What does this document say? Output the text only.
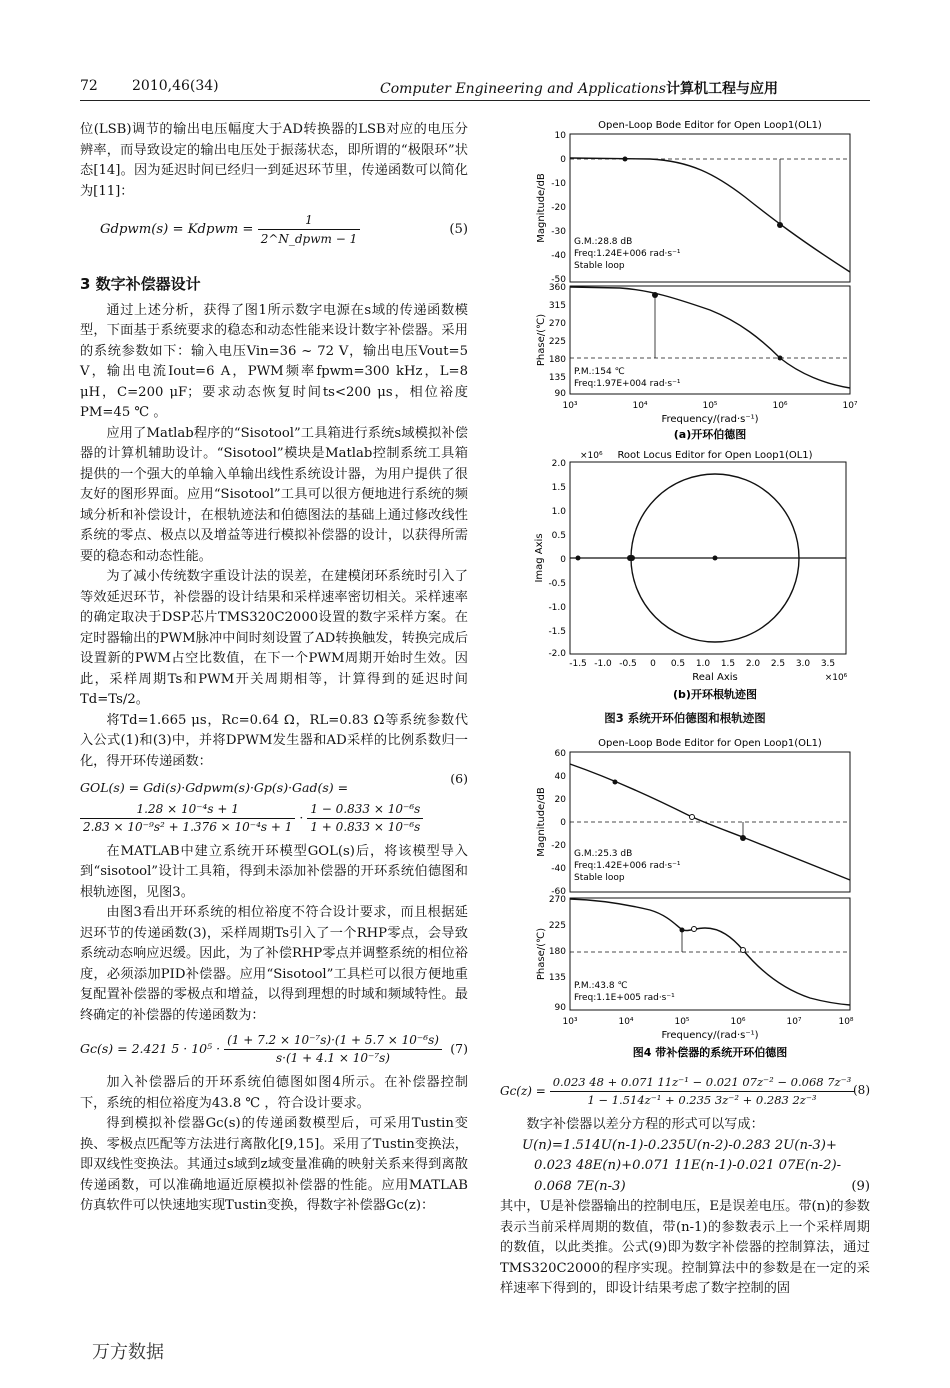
72 2010,46(34)	Computer Engineering and Applications计算机工程与应用

位(LSB)调节的输出电压幅度大于AD转换器的LSB对应的电压分辨率，而导致设定的输出电压处于振荡状态，即所谓的“极限环”状态[14]。因为延迟时间已经归一到延迟环节里，传递函数可以简化为[11]：

Gdpwm(s) = Kdpwm = $\frac{1}{\text{2\textasciicircum{}N\_dpwm − 1}}$	(5)

3 数字补偿器设计

通过上述分析，获得了图1所示数字电源在s域的传递函数模型，下面基于系统要求的稳态和动态性能来设计数字补偿器。采用的系统参数如下：输入电压Vin=36 ~ 72 V，输出电压Vout=5 V，输出电流Iout=6 A，PWM频率fpwm=300 kHz，L=8 μH，C=200 μF；要求动态恢复时间ts<200 μs，相位裕度PM=45 ℃ 。

应用了Matlab程序的“Sisotool”工具箱进行系统s域模拟补偿器的计算机辅助设计。“Sisotool”模块是Matlab控制系统工具箱提供的一个强大的单输入单输出线性系统设计器，为用户提供了很友好的图形界面。应用“Sisotool”工具可以很方便地进行系统的频域分析和补偿设计，在根轨迹法和伯德图法的基础上通过修改线性系统的零点、极点以及增益等进行模拟补偿器的设计，以获得所需要的稳态和动态性能。

为了减小传统数字重设计法的误差，在建模闭环系统时引入了等效延迟环节，补偿器的设计结果和采样速率密切相关。采样速率的确定取决于DSP芯片TMS320C2000设置的数字采样方案。在定时器输出的PWM脉冲中间时刻设置了AD转换触发，转换完成后设置新的PWM占空比数值，在下一个PWM周期开始时生效。因此，采样周期Ts和PWM开关周期相等，计算得到的延迟时间Td=Ts/2。

将Td=1.665 μs，Rc=0.64 Ω，RL=0.83 Ω等系统参数代入公式(1)和(3)中，并将DPWM发生器和AD采样的比例系数归一化，得开环传递函数：

GOL(s) = Gdi(s)·Gdpwm(s)·Gp(s)·Gad(s) =
$\frac{\text{1.28 × 10⁻⁴s + 1}}{\text{2.83 × 10⁻⁹s² + 1.376 × 10⁻⁴s + 1}} \cdot \frac{\text{1 − 0.833 × 10⁻⁶s}}{\text{1 + 0.833 × 10⁻⁶s}}$
(6)

在MATLAB中建立系统开环模型GOL(s)后，将该模型导入到“sisotool”设计工具箱，得到未添加补偿器的开环系统伯德图和根轨迹图，见图3。

由图3看出开环系统的相位裕度不符合设计要求，而且根据延迟环节的传递函数(3)，采样周期Ts引入了一个RHP零点，会导致系统动态响应迟缓。因此，为了补偿RHP零点并调整系统的相位裕度，必须添加PID补偿器。应用“Sisotool”工具栏可以很方便地重复配置补偿器的零极点和增益，以得到理想的时域和频域特性。最终确定的补偿器的传递函数为：

Gc(s) = 2.421 $5 \cdot 10^5 \cdot \frac{\text{(1 + 7.2 × 10⁻⁷s)·(1 + 5.7 × 10⁻⁶s)}}{\text{s·(1 + 4.1 × 10⁻⁷s)}} (7)$

加入补偿器后的开环系统伯德图如图4所示。在补偿器控制下，系统的相位裕度为43.8 ℃ ，符合设计要求。

得到模拟补偿器Gc(s)的传递函数模型后，可采用Tustin变换、零极点匹配等方法进行离散化[9,15]。采用了Tustin变换法，即双线性变换法。其通过s域到z域变量准确的映射关系来得到离散传递函数，可以准确地逼近原模拟补偿器的性能。应用MATLAB仿真软件可以快速地实现Tustin变换，得数字补偿器Gc(z)：

Open-Loop Bode Editor for Open Loop1(OL1)
Magnitude/dB
10
0
-10
-20
-30
-40
-50
G.M.:28.8 dB
Freq:1.24E+006 rad·s⁻¹
Stable loop
Phase/(℃)
360
315
270
225
180
135
90
P.M.:154 ℃
Freq:1.97E+004 rad·s⁻¹
10³	10⁴	10⁵	10⁶	10⁷
Frequency/(rad·s⁻¹)
(a)开环伯德图
×10⁶ Root Locus Editor for Open Loop1(OL1)
Imag Axis
2.0
1.5
1.0
0.5
0
-0.5
-1.0
-1.5
-2.0
-1.5 -1.0 -0.5 0 0.5 1.0 1.5 2.0 2.5 3.0 3.5
Real Axis	×10⁶
(b)开环根轨迹图
图3 系统开环伯德图和根轨迹图
Open-Loop Bode Editor for Open Loop1(OL1)
Magnitude/dB
60
40
20
0
-20
-40
-60
G.M.:25.3 dB
Freq:1.42E+006 rad·s⁻¹
Stable loop
Phase/(℃)
270
225
180
135
90
P.M.:43.8 ℃
Freq:1.1E+005 rad·s⁻¹
10³	10⁴	10⁵	10⁶	10⁷	10⁸
Frequency/(rad·s⁻¹)
图4 带补偿器的系统开环伯德图
$Gc(z) = \frac{\text{0.023 48 + 0.071 11z⁻¹ − 0.021 07z⁻² − 0.068 7z⁻³}}{\text{1 − 1.514z⁻¹ + 0.235 3z⁻² + 0.283 2z⁻³}}$
(8)

数字补偿器以差分方程的形式可以写成：

U(n)=1.514U(n-1)-0.235U(n-2)-0.283 2U(n-3)+
0.023 48E(n)+0.071 11E(n-1)-0.021 07E(n-2)-
0.068 7E(n-3)	(9)

其中，U是补偿器输出的控制电压，E是误差电压。带(n)的参数表示当前采样周期的数值，带(n-1)的参数表示上一个采样周期的数值，以此类推。公式(9)即为数字补偿器的控制算法，通过TMS320C2000的程序实现。控制算法中的参数是在一定的采样速率下得到的，即设计结果考虑了数字控制的固

万方数据
